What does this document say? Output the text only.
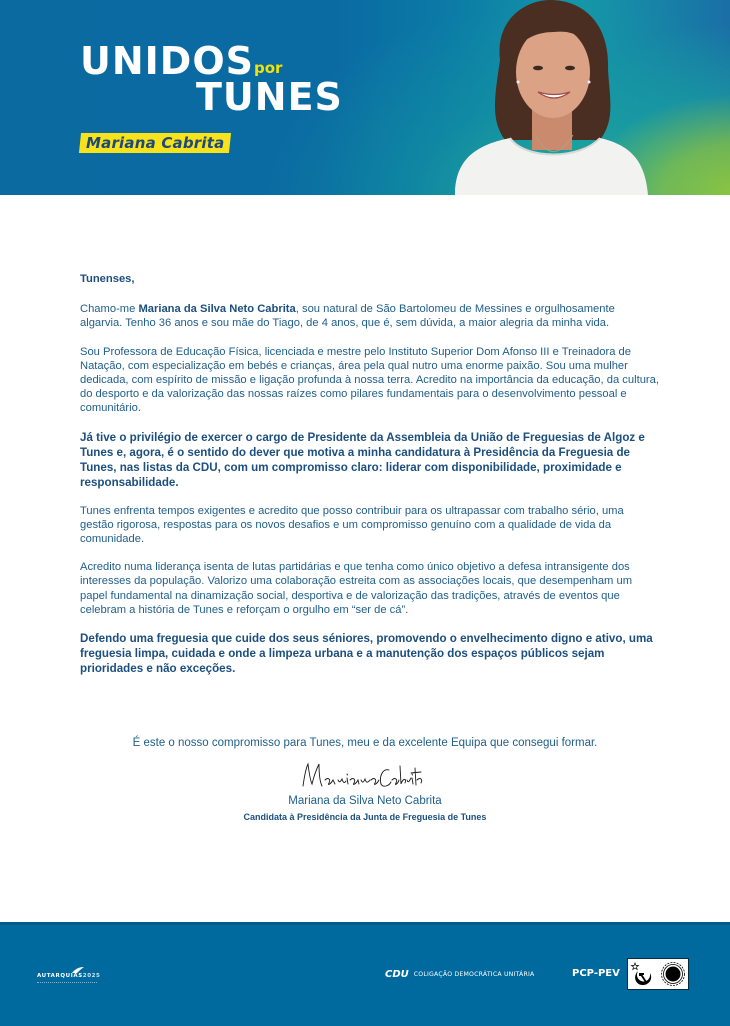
UNIDOS por
TUNES
Mariana Cabrita

Tunenses,

Chamo-me Mariana da Silva Neto Cabrita, sou natural de São Bartolomeu de Messines e orgulhosamente algarvia. Tenho 36 anos e sou mãe do Tiago, de 4 anos, que é, sem dúvida, a maior alegria da minha vida.

Sou Professora de Educação Física, licenciada e mestre pelo Instituto Superior Dom Afonso III e Treinadora de Natação, com especialização em bebés e crianças, área pela qual nutro uma enorme paixão. Sou uma mulher dedicada, com espírito de missão e ligação profunda à nossa terra. Acredito na importância da educação, da cultura, do desporto e da valorização das nossas raízes como pilares fundamentais para o desenvolvimento pessoal e comunitário.

Já tive o privilégio de exercer o cargo de Presidente da Assembleia da União de Freguesias de Algoz e Tunes e, agora, é o sentido do dever que motiva a minha candidatura à Presidência da Freguesia de Tunes, nas listas da CDU, com um compromisso claro: liderar com disponibilidade, proximidade e responsabilidade.

Tunes enfrenta tempos exigentes e acredito que posso contribuir para os ultrapassar com trabalho sério, uma gestão rigorosa, respostas para os novos desafios e um compromisso genuíno com a qualidade de vida da comunidade.

Acredito numa liderança isenta de lutas partidárias e que tenha como único objetivo a defesa intransigente dos interesses da população. Valorizo uma colaboração estreita com as associações locais, que desempenham um papel fundamental na dinamização social, desportiva e de valorização das tradições, através de eventos que celebram a história de Tunes e reforçam o orgulho em “ser de cá”.

Defendo uma freguesia que cuide dos seus séniores, promovendo o envelhecimento digno e ativo, uma freguesia limpa, cuidada e onde a limpeza urbana e a manutenção dos espaços públicos sejam prioridades e não exceções.

É este o nosso compromisso para Tunes, meu e da excelente Equipa que consegui formar.
Mariana da Silva Neto Cabrita
Candidata à Presidência da Junta de Freguesia de Tunes
AUTARQUIAS2025	CDU COLIGAÇÃO DEMOCRÁTICA UNITÁRIA	PCP-PEV
